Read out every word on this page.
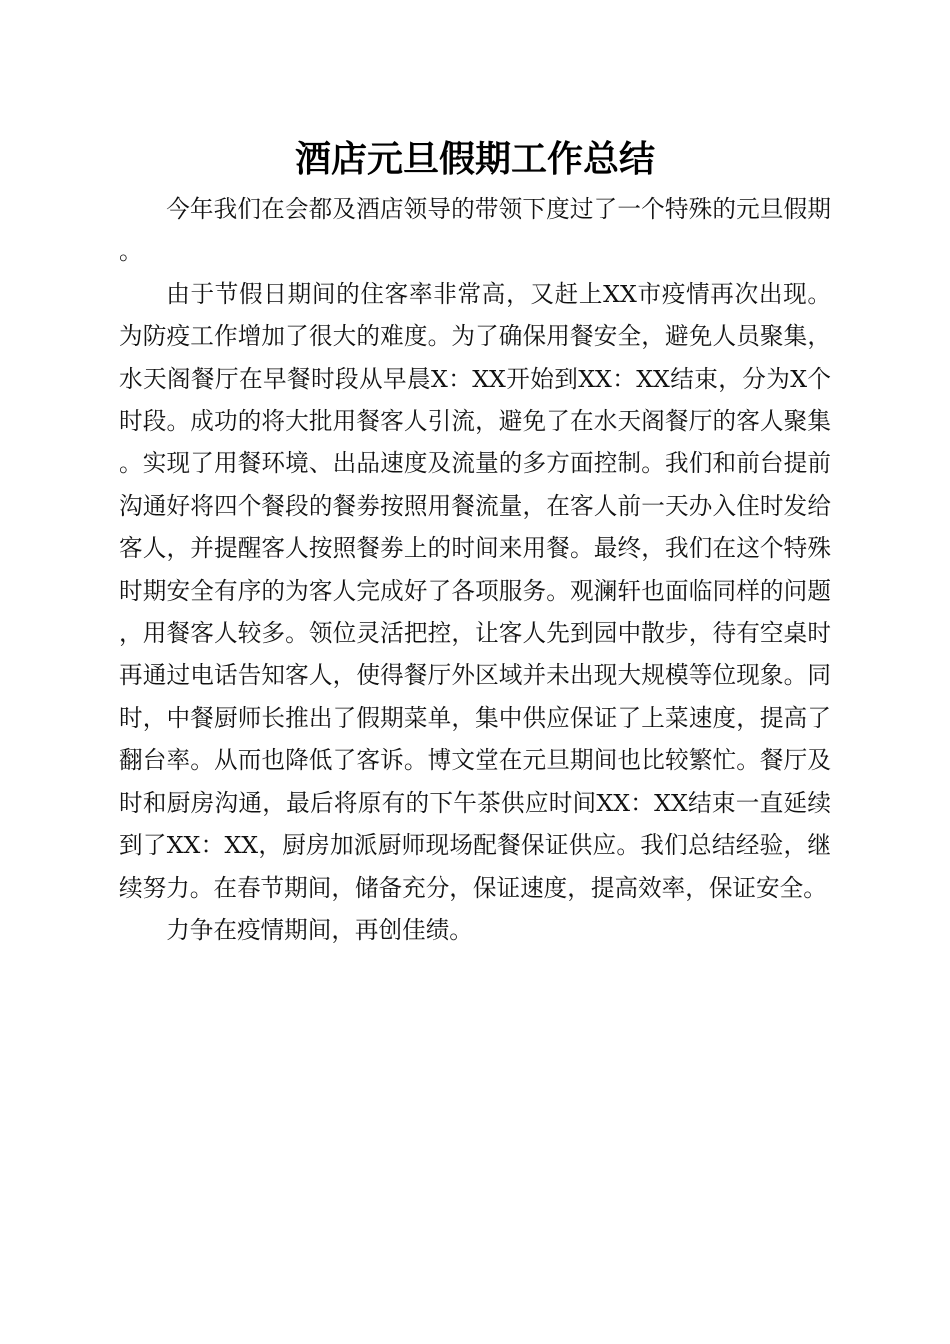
酒店元旦假期工作总结

今年我们在会都及酒店领导的带领下度过了一个特殊的元旦假期。

由于节假日期间的住客率非常高，又赶上XX市疫情再次出现。为防疫工作增加了很大的难度。为了确保用餐安全，避免人员聚集，水天阁餐厅在早餐时段从早晨X：XX开始到XX：XX结束，分为X个时段。成功的将大批用餐客人引流，避免了在水天阁餐厅的客人聚集。实现了用餐环境、出品速度及流量的多方面控制。我们和前台提前沟通好将四个餐段的餐劵按照用餐流量，在客人前一天办入住时发给客人，并提醒客人按照餐劵上的时间来用餐。最终，我们在这个特殊时期安全有序的为客人完成好了各项服务。观澜轩也面临同样的问题，用餐客人较多。领位灵活把控，让客人先到园中散步，待有空桌时再通过电话告知客人，使得餐厅外区域并未出现大规模等位现象。同时，中餐厨师长推出了假期菜单，集中供应保证了上菜速度，提高了翻台率。从而也降低了客诉。博文堂在元旦期间也比较繁忙。餐厅及时和厨房沟通，最后将原有的下午茶供应时间XX：XX结束一直延续到了XX：XX，厨房加派厨师现场配餐保证供应。我们总结经验，继续努力。在春节期间，储备充分，保证速度，提高效率，保证安全。

力争在疫情期间，再创佳绩。
